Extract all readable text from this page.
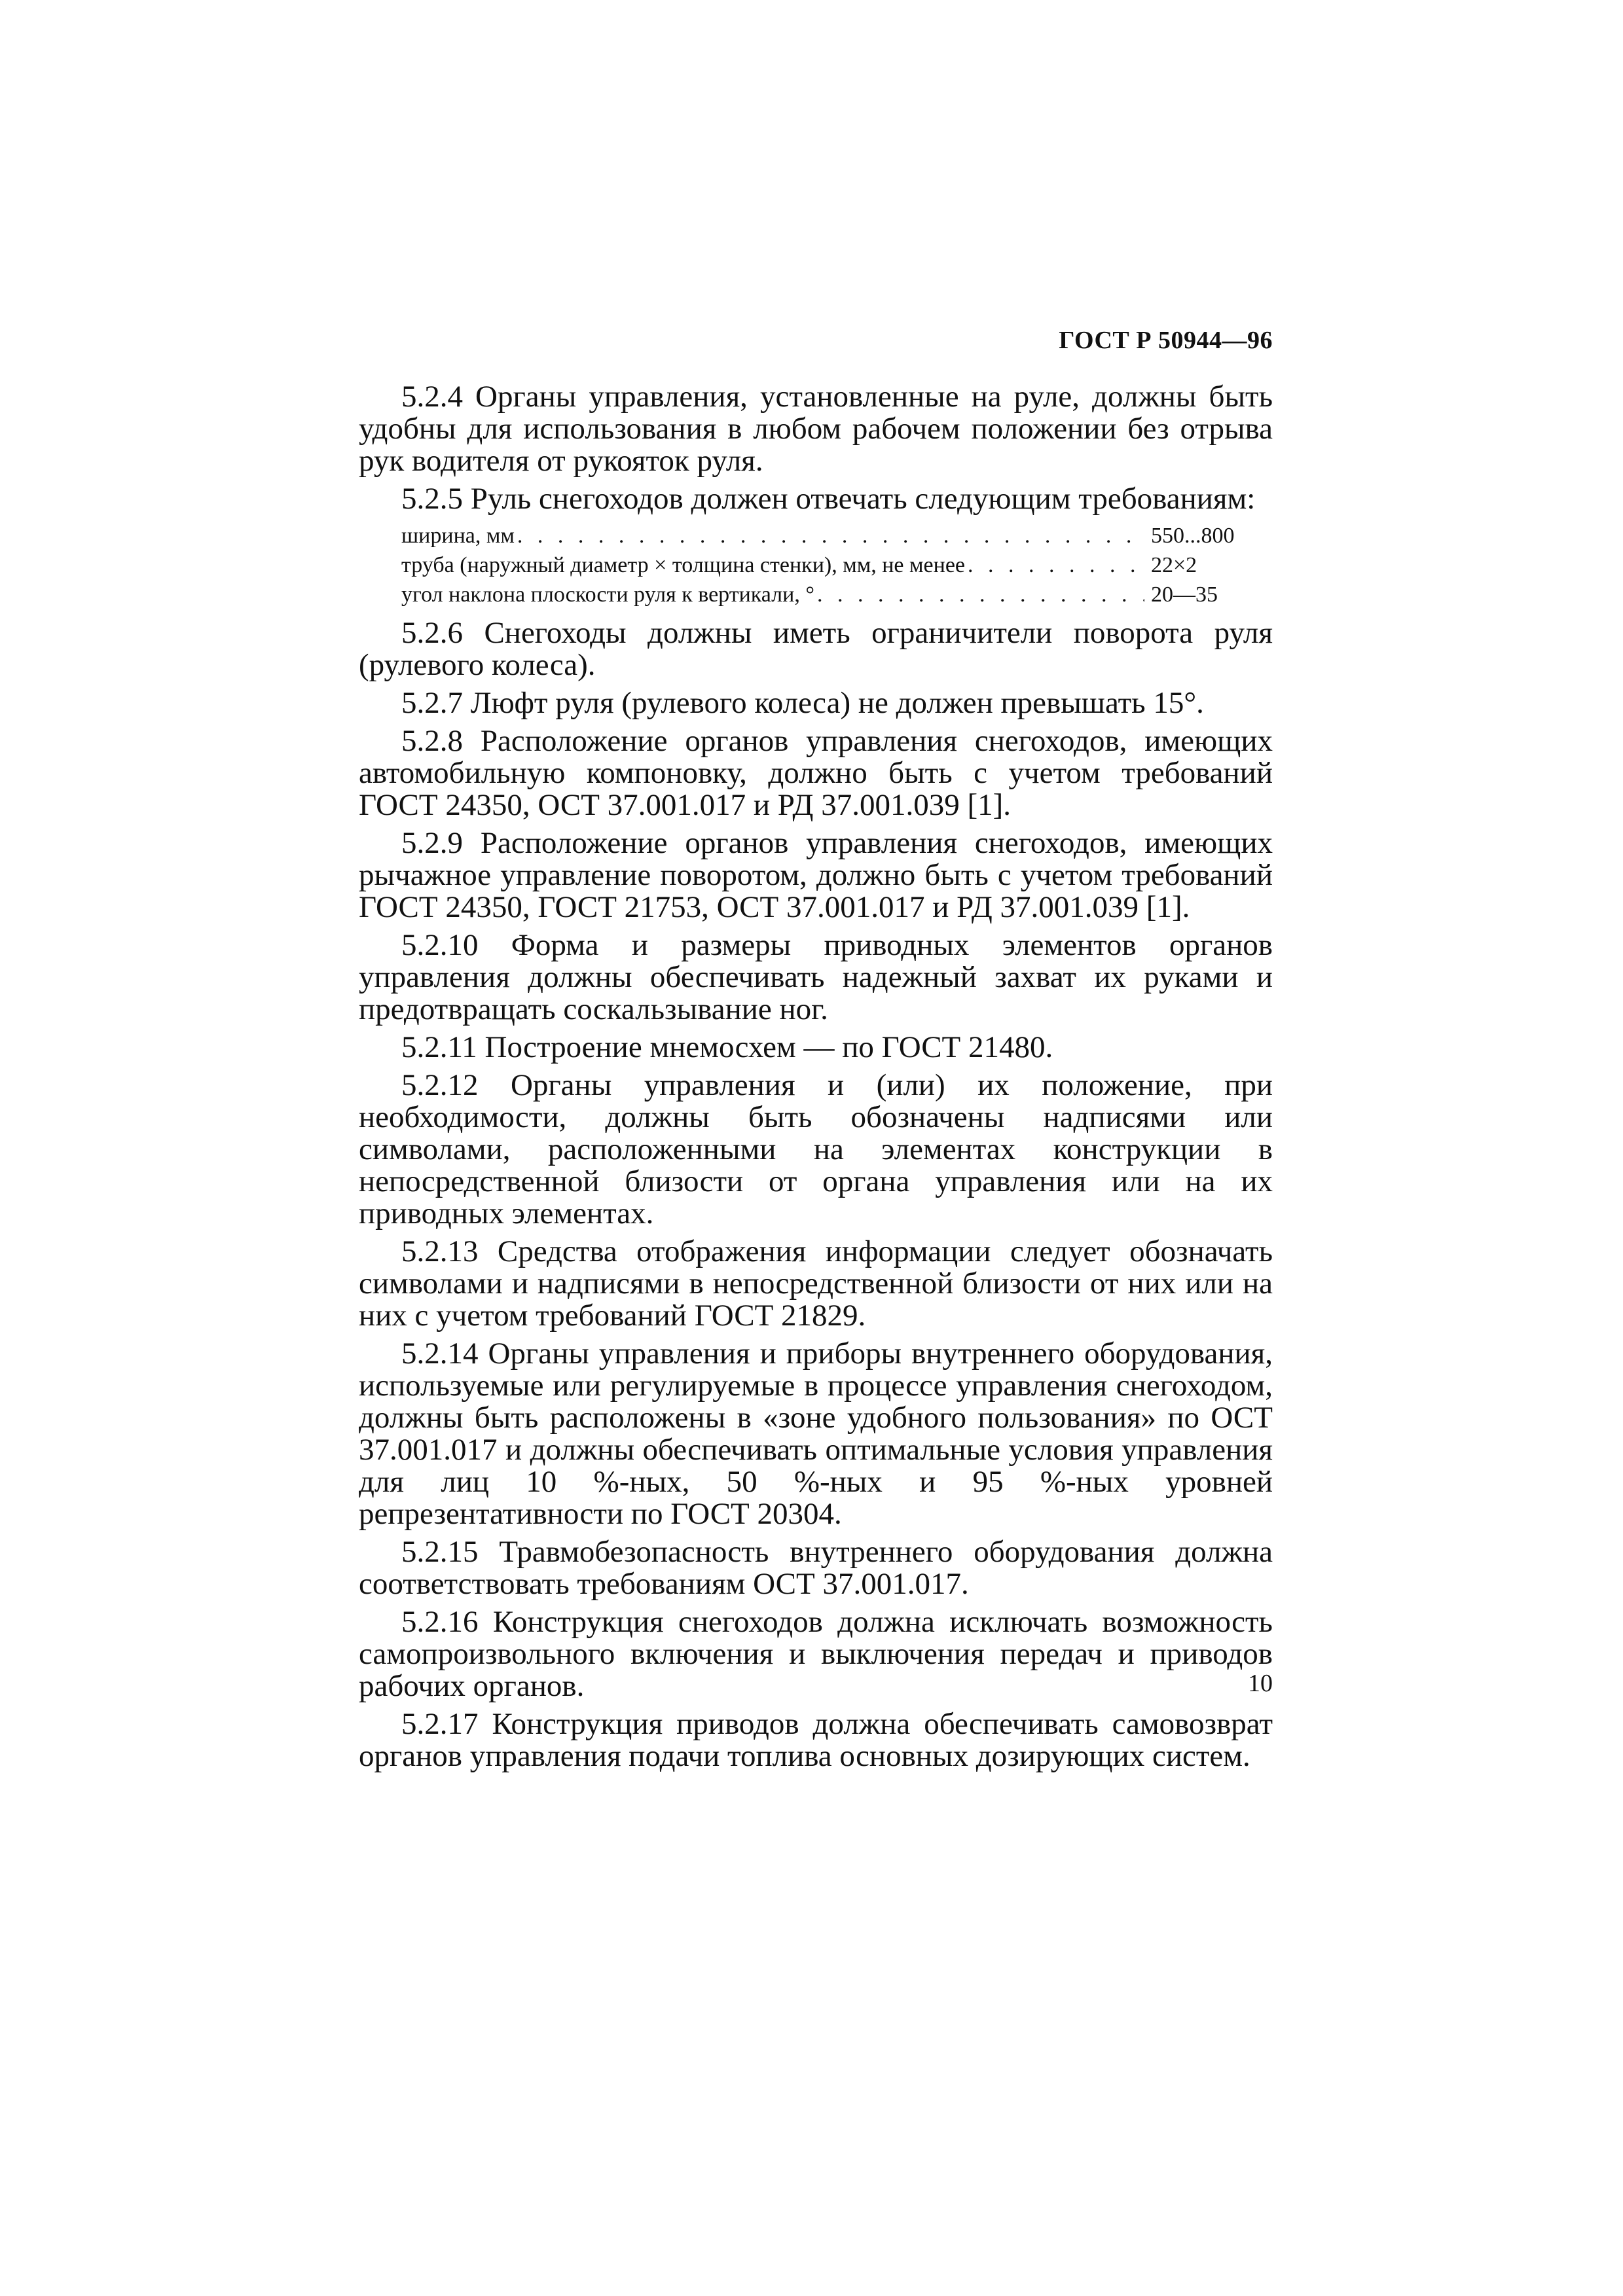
ГОСТ Р 50944—96

5.2.4 Органы управления, установленные на руле, должны быть удобны для использования в любом рабочем положении без отрыва рук водителя от рукояток руля.

5.2.5 Руль снегоходов должен отвечать следующим требованиям:

ширина, мм . . .	550...800
труба (наружный диаметр × толщина стенки), мм, не менее . . .	22×2
угол наклона плоскости руля к вертикали, ° . . .	20—35

5.2.6 Снегоходы должны иметь ограничители поворота руля (рулевого колеса).

5.2.7 Люфт руля (рулевого колеса) не должен превышать 15°.

5.2.8 Расположение органов управления снегоходов, имеющих автомобильную компоновку, должно быть с учетом требований ГОСТ 24350, ОСТ 37.001.017 и РД 37.001.039 [1].

5.2.9 Расположение органов управления снегоходов, имеющих рычажное управление поворотом, должно быть с учетом требований ГОСТ 24350, ГОСТ 21753, ОСТ 37.001.017 и РД 37.001.039 [1].

5.2.10 Форма и размеры приводных элементов органов управления должны обеспечивать надежный захват их руками и предотвращать соскальзывание ног.

5.2.11 Построение мнемосхем — по ГОСТ 21480.

5.2.12 Органы управления и (или) их положение, при необходимости, должны быть обозначены надписями или символами, расположенными на элементах конструкции в непосредственной близости от органа управления или на их приводных элементах.

5.2.13 Средства отображения информации следует обозначать символами и надписями в непосредственной близости от них или на них с учетом требований ГОСТ 21829.

5.2.14 Органы управления и приборы внутреннего оборудования, используемые или регулируемые в процессе управления снегоходом, должны быть расположены в «зоне удобного пользования» по ОСТ 37.001.017 и должны обеспечивать оптимальные условия управления для лиц 10 %-ных, 50 %-ных и 95 %-ных уровней репрезентативности по ГОСТ 20304.

5.2.15 Травмобезопасность внутреннего оборудования должна соответствовать требованиям ОСТ 37.001.017.

5.2.16 Конструкция снегоходов должна исключать возможность самопроизвольного включения и выключения передач и приводов рабочих органов.

5.2.17 Конструкция приводов должна обеспечивать самовозврат органов управления подачи топлива основных дозирующих систем.

10
